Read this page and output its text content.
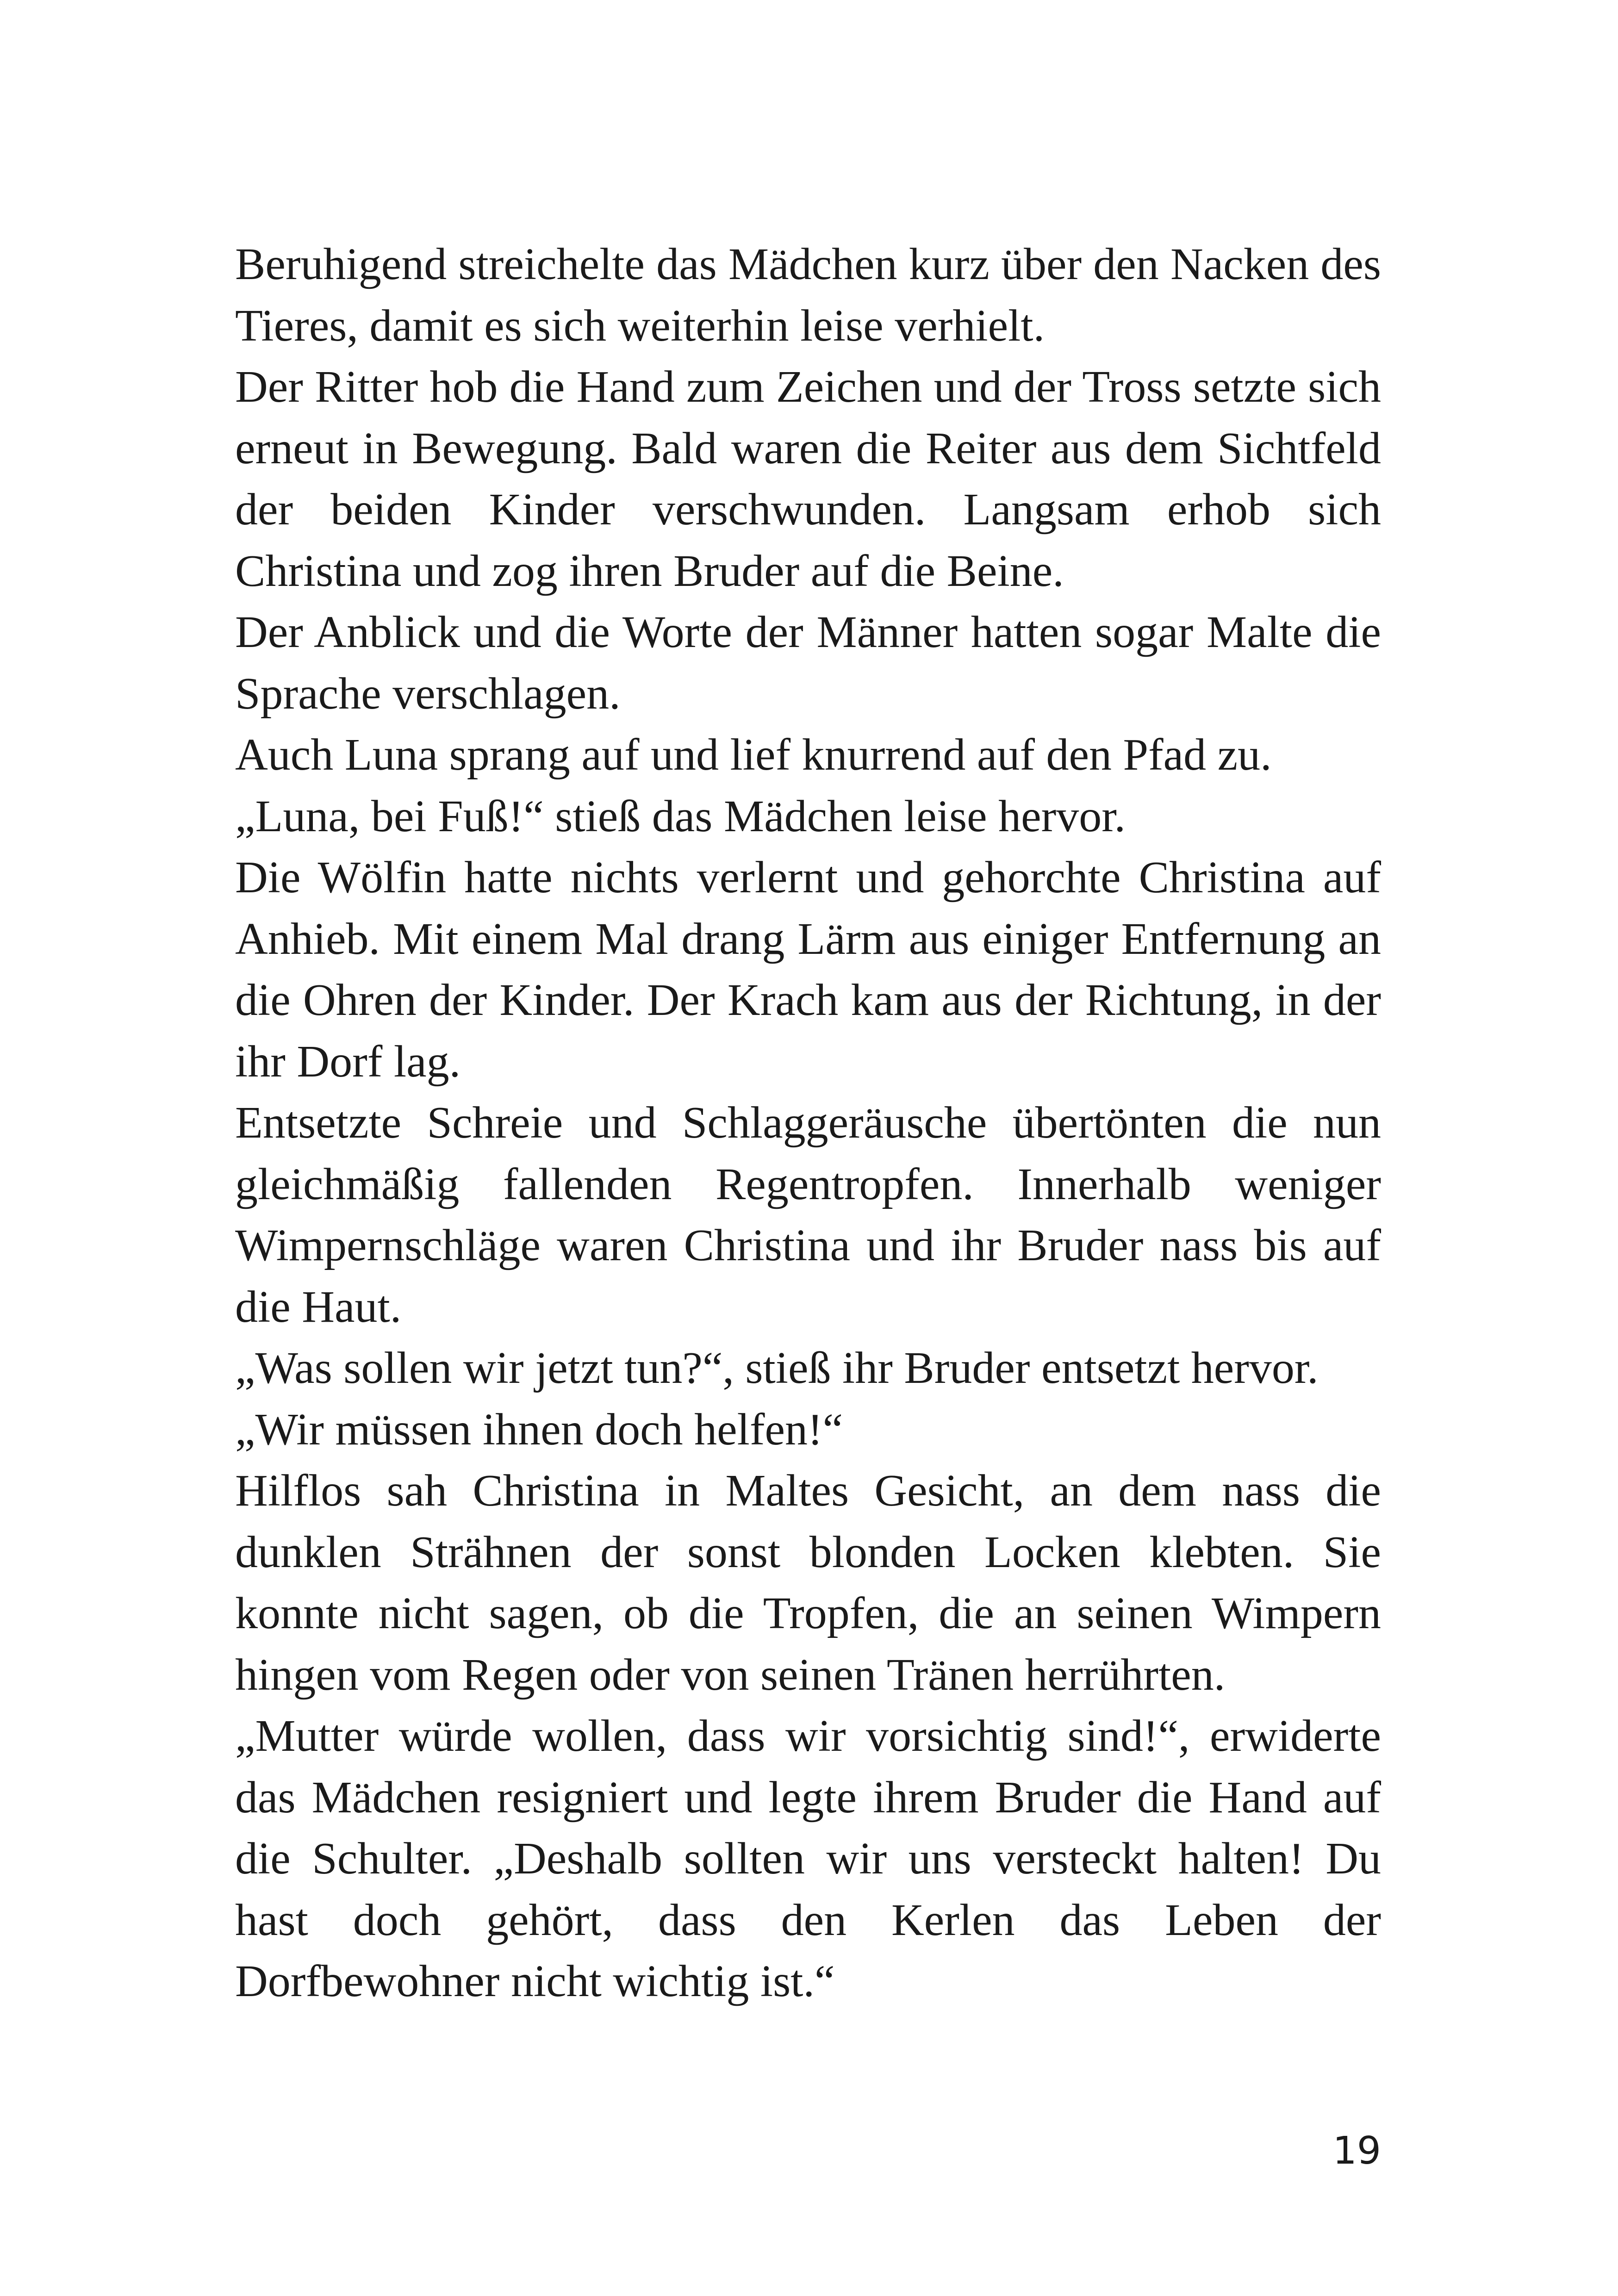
Beruhigend streichelte das Mädchen kurz über den Nacken des Tieres, damit es sich weiterhin leise verhielt.

Der Ritter hob die Hand zum Zeichen und der Tross setzte sich erneut in Bewegung. Bald waren die Reiter aus dem Sichtfeld der beiden Kinder verschwunden. Langsam erhob sich Christina und zog ihren Bruder auf die Beine.

Der Anblick und die Worte der Männer hatten sogar Malte die Sprache verschlagen.

Auch Luna sprang auf und lief knurrend auf den Pfad zu.

„Luna, bei Fuß!“ stieß das Mädchen leise hervor.

Die Wölfin hatte nichts verlernt und gehorchte Christina auf Anhieb. Mit einem Mal drang Lärm aus einiger Entfernung an die Ohren der Kinder. Der Krach kam aus der Richtung, in der ihr Dorf lag.

Entsetzte Schreie und Schlaggeräusche übertönten die nun gleichmäßig fallenden Regentropfen. Innerhalb weniger Wimpernschläge waren Christina und ihr Bruder nass bis auf die Haut.

„Was sollen wir jetzt tun?“, stieß ihr Bruder entsetzt hervor.

„Wir müssen ihnen doch helfen!“

Hilflos sah Christina in Maltes Gesicht, an dem nass die dunklen Strähnen der sonst blonden Locken klebten. Sie konnte nicht sagen, ob die Tropfen, die an seinen Wimpern hingen vom Regen oder von seinen Tränen herrührten.

„Mutter würde wollen, dass wir vorsichtig sind!“, erwiderte das Mädchen resigniert und legte ihrem Bruder die Hand auf die Schulter. „Deshalb sollten wir uns versteckt halten! Du hast doch gehört, dass den Kerlen das Leben der Dorfbewohner nicht wichtig ist.“

19
